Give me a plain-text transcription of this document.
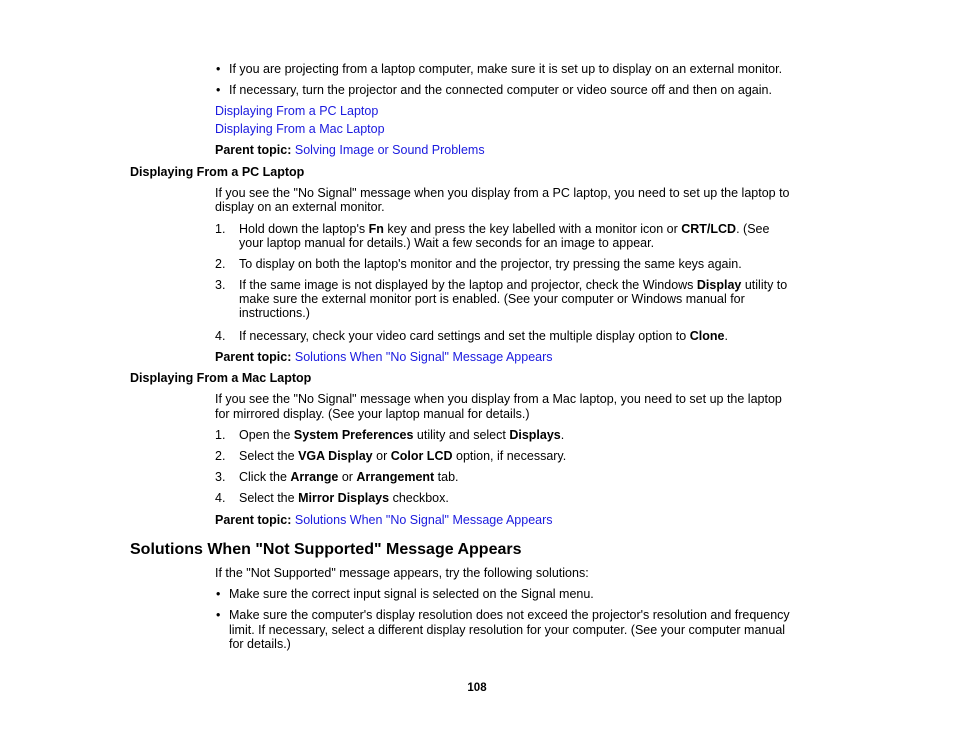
• If you are projecting from a laptop computer, make sure it is set up to display on an external monitor.
• If necessary, turn the projector and the connected computer or video source off and then on again.
Displaying From a PC Laptop
Displaying From a Mac Laptop
Parent topic: Solving Image or Sound Problems
Displaying From a PC Laptop
If you see the "No Signal" message when you display from a PC laptop, you need to set up the laptop to
display on an external monitor.
1. Hold down the laptop's Fn key and press the key labelled with a monitor icon or CRT/LCD. (See
your laptop manual for details.) Wait a few seconds for an image to appear.
2. To display on both the laptop's monitor and the projector, try pressing the same keys again.
3. If the same image is not displayed by the laptop and projector, check the Windows Display utility to
make sure the external monitor port is enabled. (See your computer or Windows manual for
instructions.)
4. If necessary, check your video card settings and set the multiple display option to Clone.
Parent topic: Solutions When "No Signal" Message Appears
Displaying From a Mac Laptop
If you see the "No Signal" message when you display from a Mac laptop, you need to set up the laptop
for mirrored display. (See your laptop manual for details.)
1. Open the System Preferences utility and select Displays.
2. Select the VGA Display or Color LCD option, if necessary.
3. Click the Arrange or Arrangement tab.
4. Select the Mirror Displays checkbox.
Parent topic: Solutions When "No Signal" Message Appears
Solutions When "Not Supported" Message Appears
If the "Not Supported" message appears, try the following solutions:
• Make sure the correct input signal is selected on the Signal menu.
• Make sure the computer's display resolution does not exceed the projector's resolution and frequency
limit. If necessary, select a different display resolution for your computer. (See your computer manual
for details.)
108
